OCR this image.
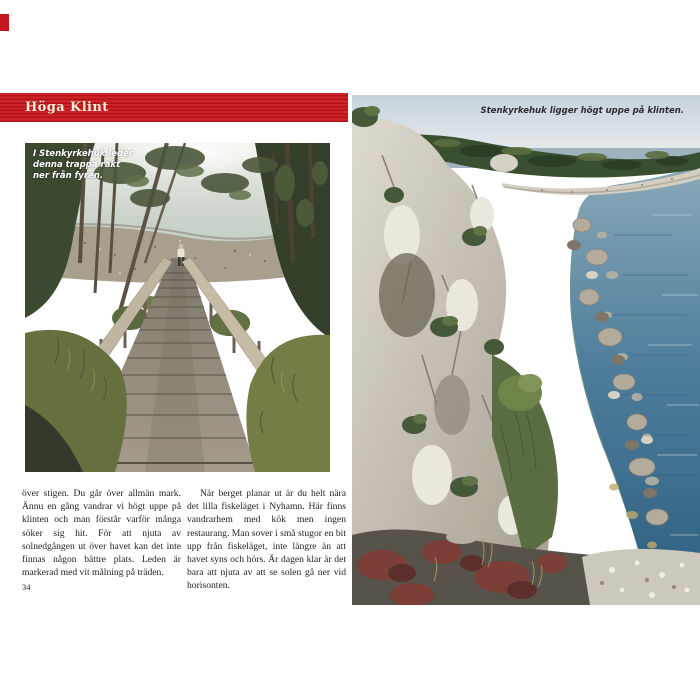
Höga Klint
I Stenkyrkehuk leder
denna trappa rakt
ner från fyren.
över stigen. Du går över allmän mark. Ännu en gång vandrar vi högt uppe på klinten och man förstår varför många söker sig hit. För att njuta av solnedgången ut över havet kan det inte finnas någon bättre plats. Leden är markerad med vit målning på träden.
När berget planar ut är du helt nära det lilla fiskeläget i Nyhamn. Här finns vandrarhem med kök men ingen restaurang. Man sover i små stugor en bit upp från fiskeläget, inte längre än att havet syns och hörs. Är dagen klar är det bara att njuta av att se solen gå ner vid horisonten.
34
Stenkyrkehuk ligger högt uppe på klinten.
